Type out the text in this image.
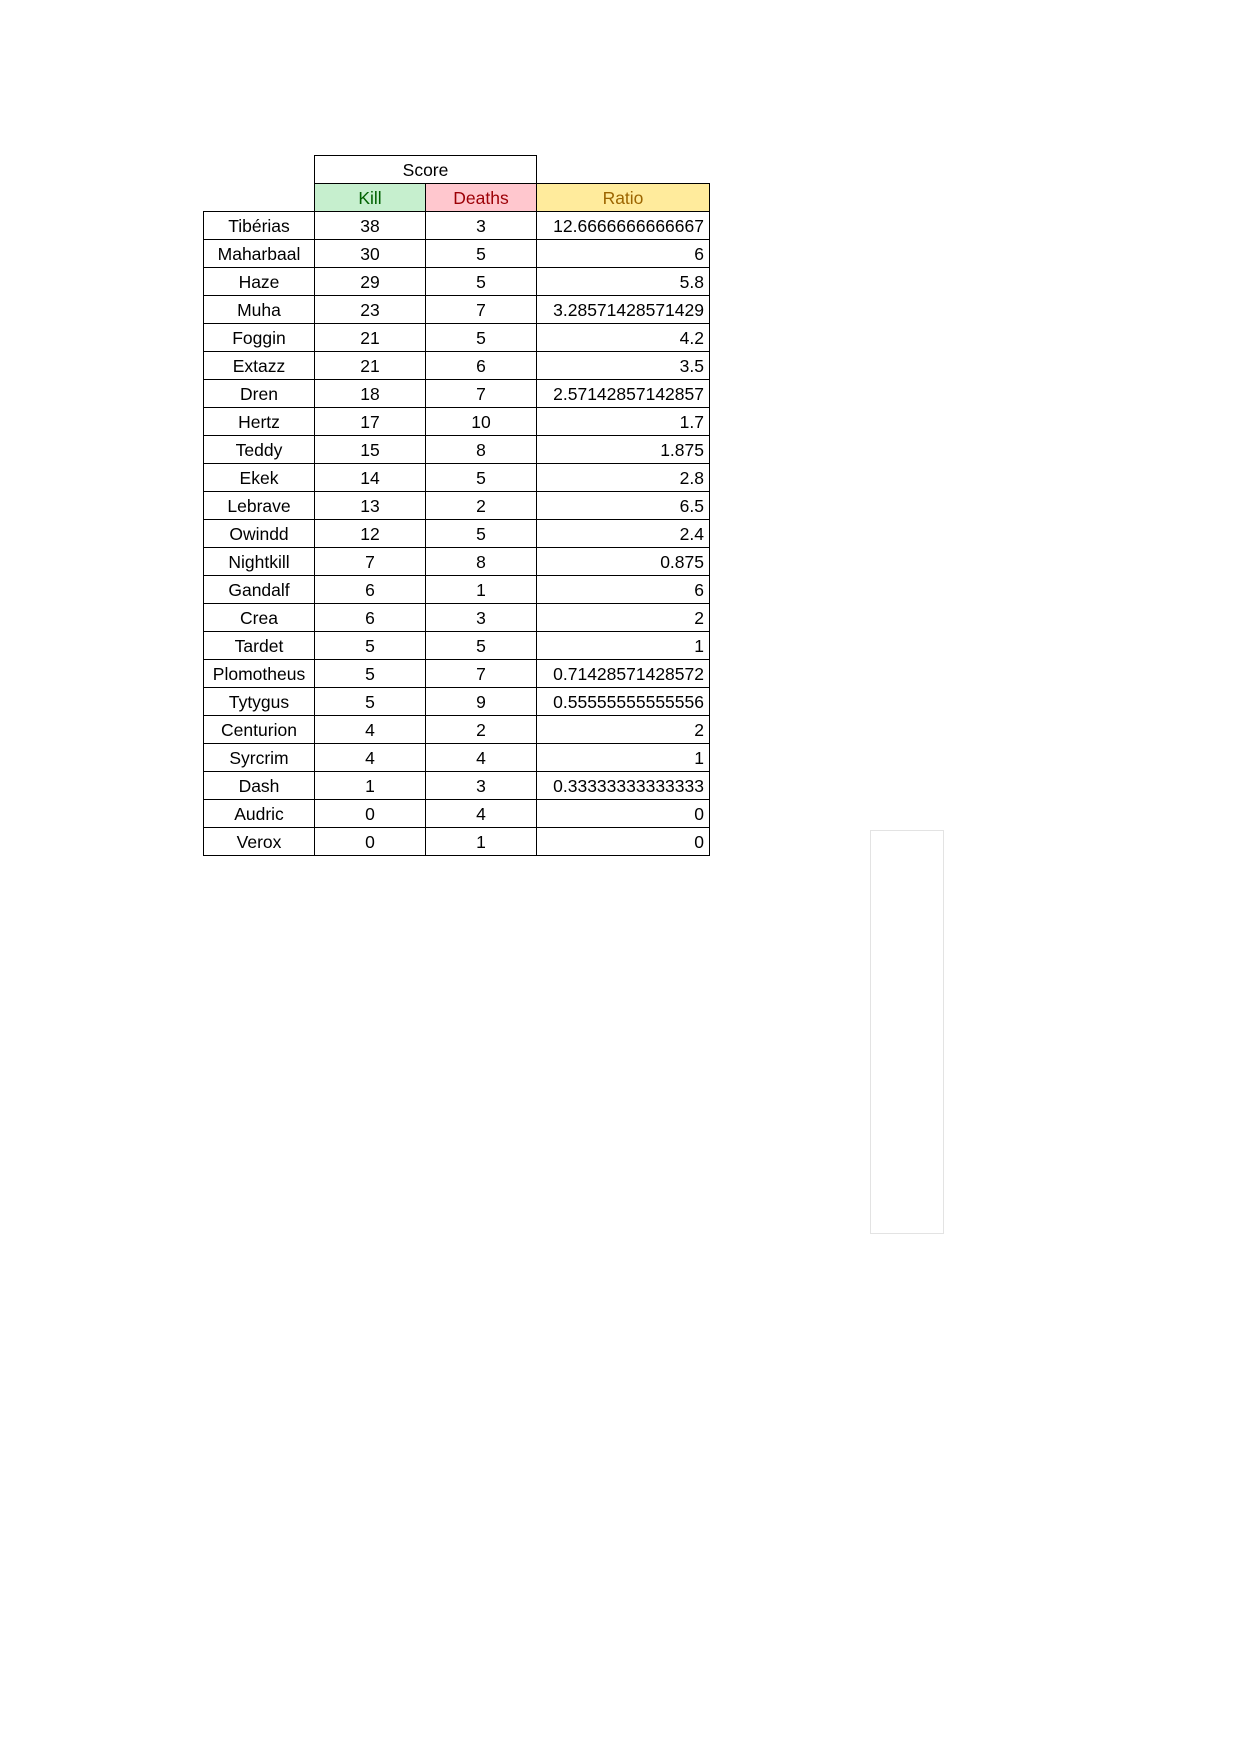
	Score		
	Kill	Deaths	Ratio
Tibérias	38	3	12.6666666666667
Maharbaal	30	5	6
Haze	29	5	5.8
Muha	23	7	3.28571428571429
Foggin	21	5	4.2
Extazz	21	6	3.5
Dren	18	7	2.57142857142857
Hertz	17	10	1.7
Teddy	15	8	1.875
Ekek	14	5	2.8
Lebrave	13	2	6.5
Owindd	12	5	2.4
Nightkill	7	8	0.875
Gandalf	6	1	6
Crea	6	3	2
Tardet	5	5	1
Plomotheus	5	7	0.71428571428572
Tytygus	5	9	0.55555555555556
Centurion	4	2	2
Syrcrim	4	4	1
Dash	1	3	0.33333333333333
Audric	0	4	0
Verox	0	1	0
